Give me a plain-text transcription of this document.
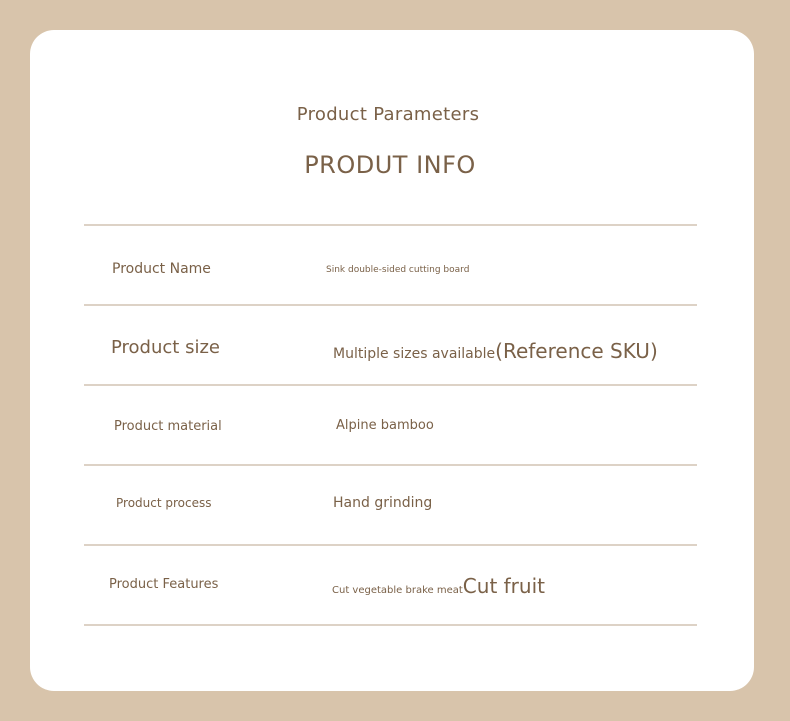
Product Parameters
PRODUT INFO
Product Name	Sink double-sided cutting board
Product size	Multiple sizes available(Reference SKU)
Product material	Alpine bamboo
Product process	Hand grinding
Product Features	Cut vegetable brake meatCut fruit
